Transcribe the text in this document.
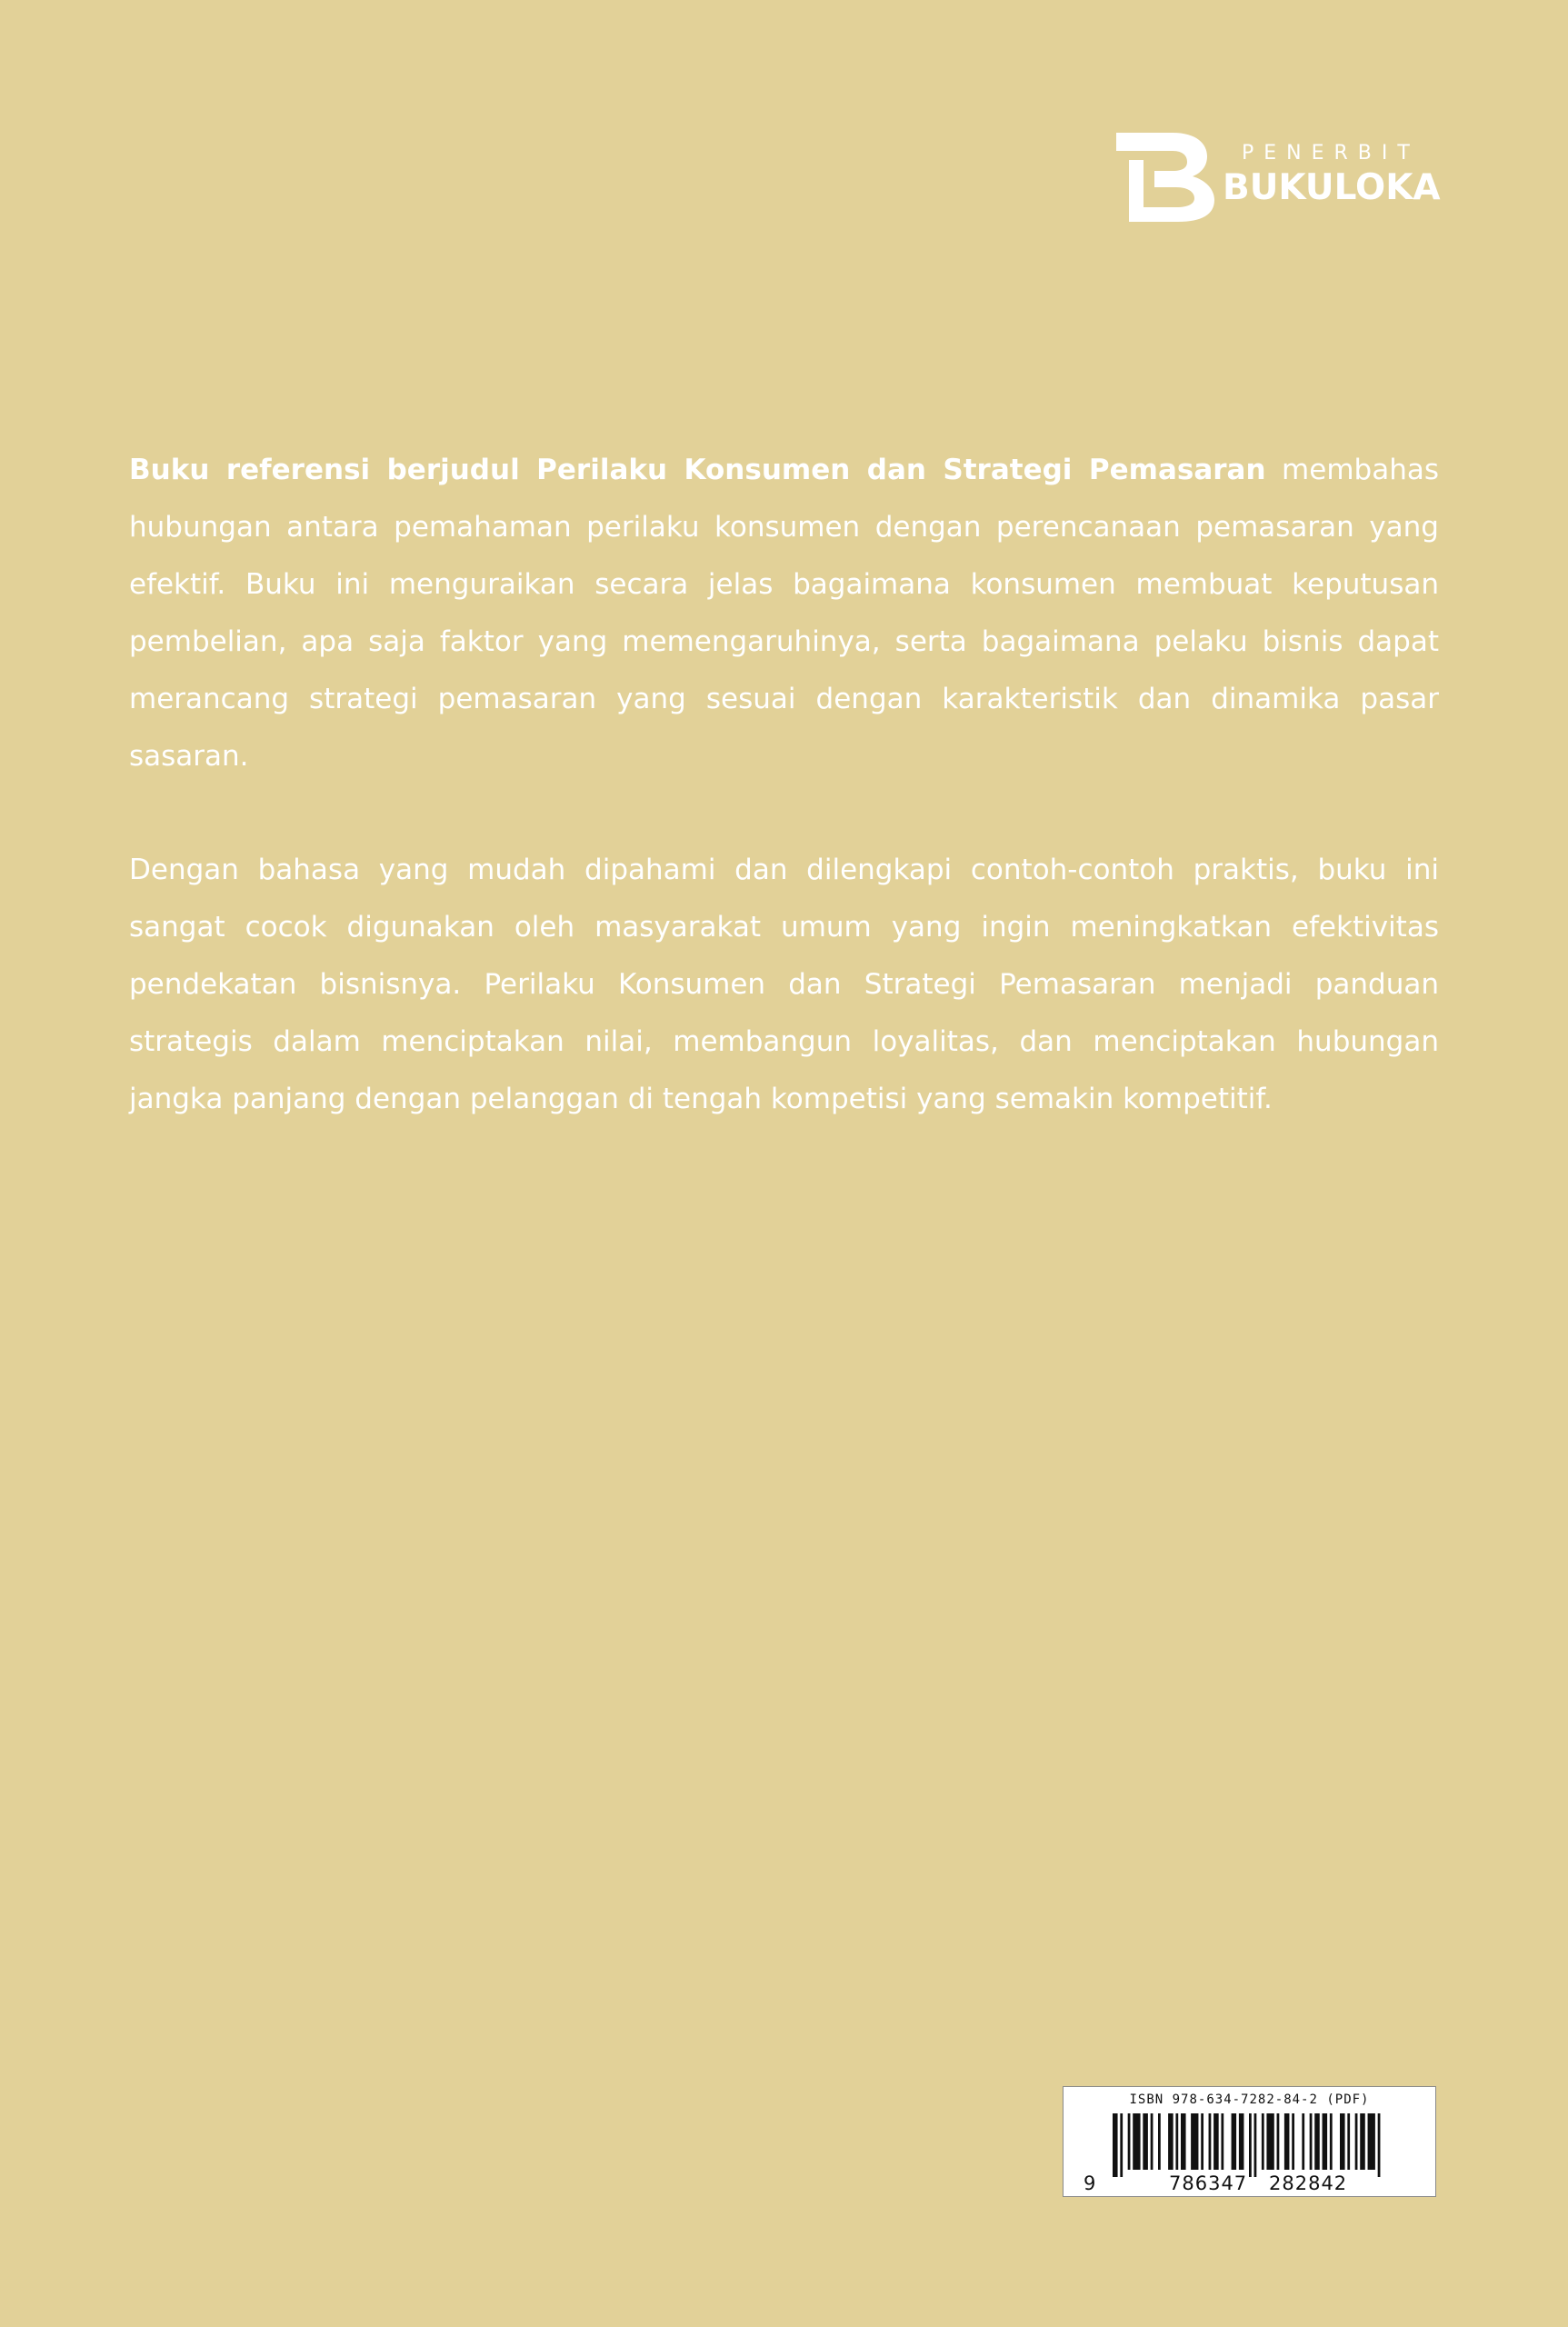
PENERBIT
BUKULOKA

Buku referensi berjudul Perilaku Konsumen dan Strategi Pemasaran membahas hubungan antara pemahaman perilaku konsumen dengan perencanaan pemasaran yang efektif. Buku ini menguraikan secara jelas bagaimana konsumen membuat keputusan pembelian, apa saja faktor yang memengaruhinya, serta bagaimana pelaku bisnis dapat merancang strategi pemasaran yang sesuai dengan karakteristik dan dinamika pasar sasaran.

Dengan bahasa yang mudah dipahami dan dilengkapi contoh-contoh praktis, buku ini sangat cocok digunakan oleh masyarakat umum yang ingin meningkatkan efektivitas pendekatan bisnisnya. Perilaku Konsumen dan Strategi Pemasaran menjadi panduan strategis dalam menciptakan nilai, membangun loyalitas, dan menciptakan hubungan jangka panjang dengan pelanggan di tengah kompetisi yang semakin kompetitif.

ISBN 978-634-7282-84-2 (PDF)
9	786347 282842
